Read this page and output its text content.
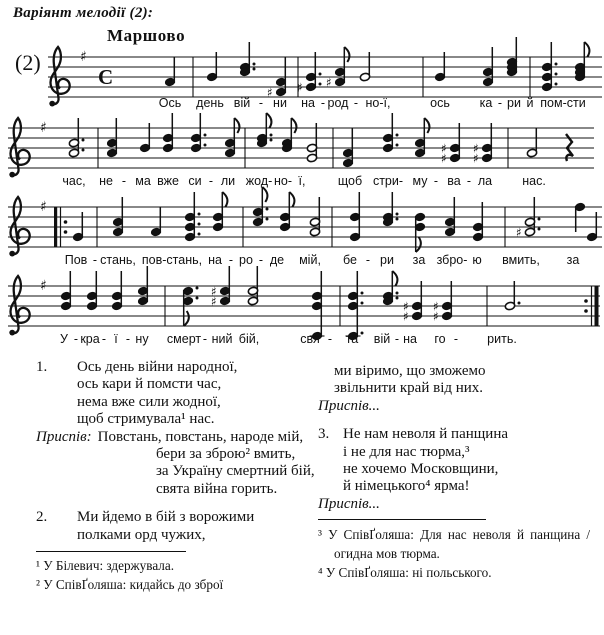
Варіянт мелодії (2):
Маршово
(2)	♯
C
♯ ♯ ♯
♯
♯
♯
♯
♯
♯
♯
♯	♯
♯	♯
♯
♯
♯
1. Ось день війни народної,
ось кари й помсти час,
нема вже сили жодної,
щоб стримувала¹ нас.
Приспів: Повстань, повстань, народе мій,
бери за зброю² вмить,
за Україну смертний бій,
свята війна горить.
2. Ми йдемо в бій з ворожими
полками орд чужих,
ми віримо, що зможемо
звільнити край від них.
Приспів...
3. Не нам неволя й панщина
і не для нас тюрма,³
не хочемо Московщини,
й німецького⁴ ярма!
Приспів...
¹ У Білевич: здержувала.
² У СпівҐоляша: кидайсь до зброї
³ У СпівҐоляша: Для нас неволя й панщина /
огидна мов тюрма.
⁴ У СпівҐоляша: ні польського.
Ось день вій - ни на - род - но-ї,	ось ка - ри й пом-сти
час, не - ма вже си - ли жод- но- ї,	щоб стри- му - ва - ла нас.
Пов - стань, пов-стань, на - ро - де мій, бе - ри за збро- ю вмить, за
У - кра - ї - ну смерт - ний бій,	свя - та вій - на го - рить.
